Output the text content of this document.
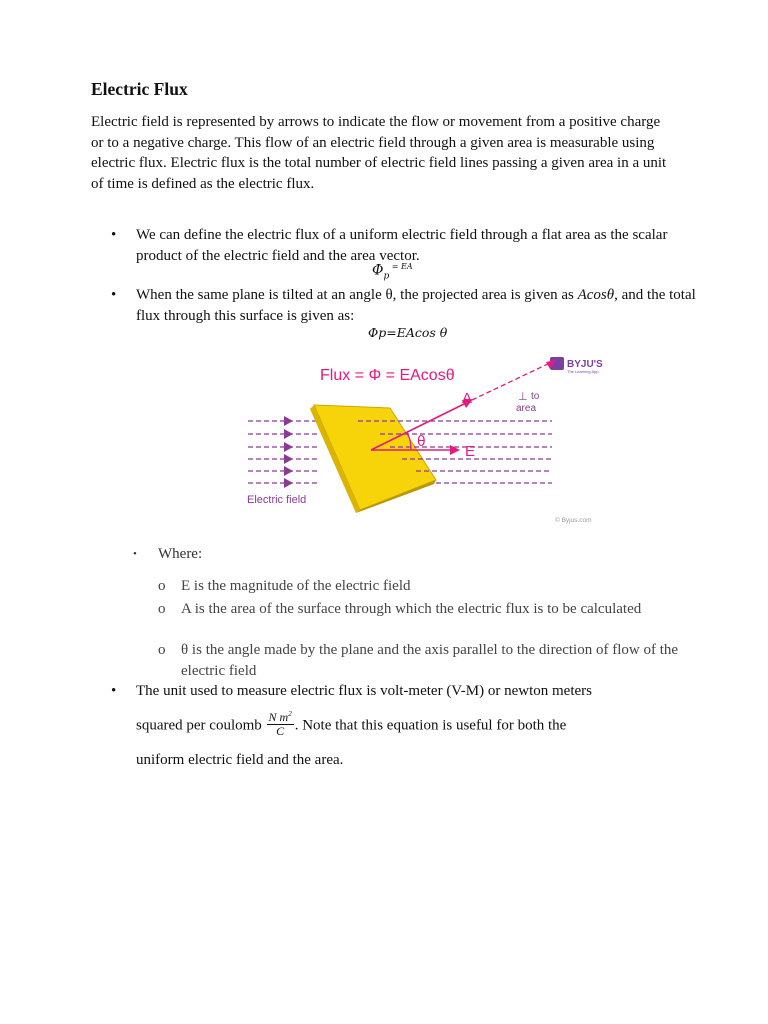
Electric Flux

Electric field is represented by arrows to indicate the flow or movement from a positive charge or to a negative charge. This flow of an electric field through a given area is measurable using electric flux. Electric flux is the total number of electric field lines passing a given area in a unit of time is defined as the electric flux.

• We can define the electric flux of a uniform electric field through a flat area as the scalar product of the electric field and the area vector.
$\Phi_p$ $^{= EA}$
• When the same plane is tilted at an angle θ, the projected area is given as Acosθ, and the total flux through this surface is given as:
Φp=EAcos θ
Flux = Φ = EAcosθ
BYJU'S
The Learning App
A	⊥ to
area
θ
E
Electric field
© Byjus.com
• Where:
o E is the magnitude of the electric field
o A is the area of the surface through which the electric flux is to be calculated
o θ is the angle made by the plane and the axis parallel to the direction of flow of the electric field
• The unit used to measure electric flux is volt-meter (V-M) or newton meters
squared per coulomb $\frac{N m^2}{C}$ . Note that this equation is useful for both the
uniform electric field and the area.
